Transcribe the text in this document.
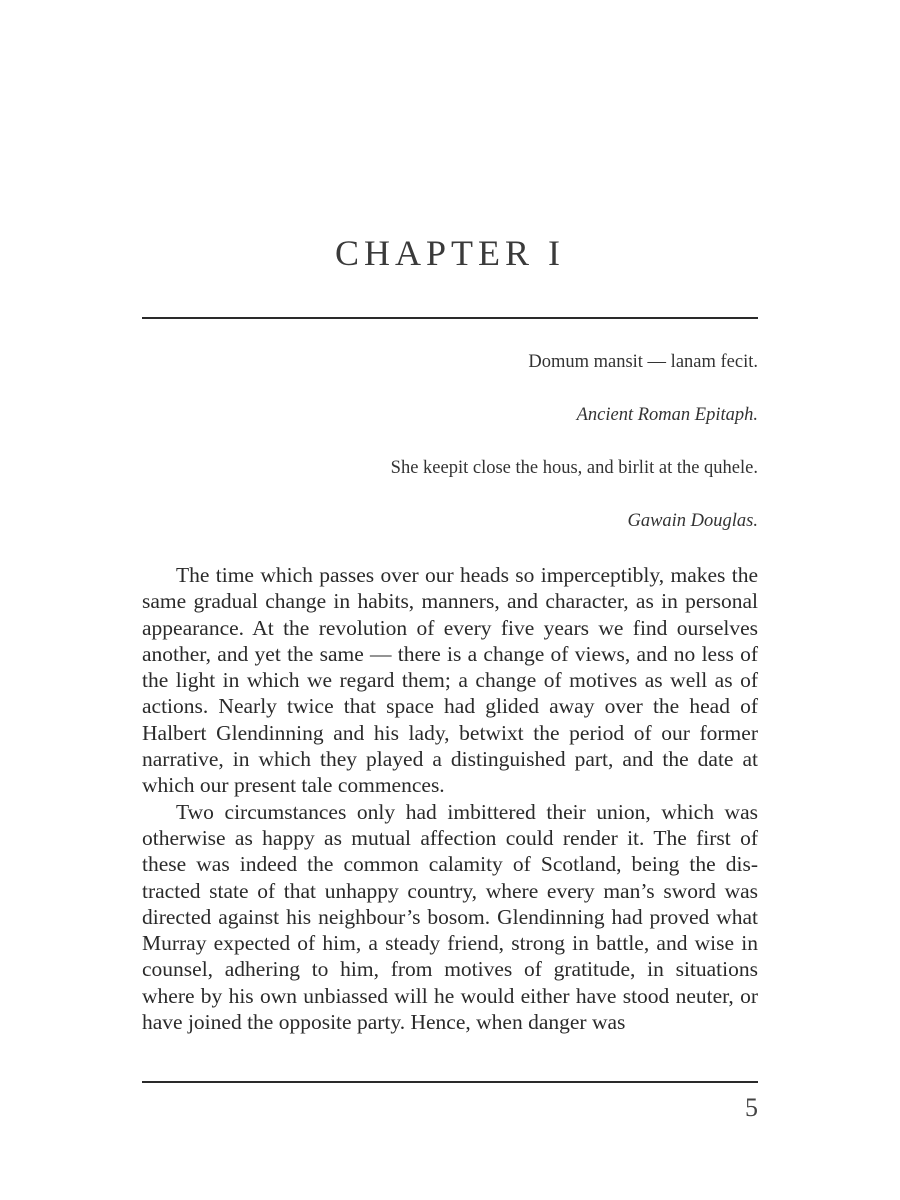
CHAPTER I

Domum mansit — lanam fecit.

Ancient Roman Epitaph.

She keepit close the hous, and birlit at the quhele.

Gawain Douglas.

The time which passes over our heads so imperceptibly, makes the same gradual change in habits, manners, and character, as in personal appearance. At the revolution of every five years we find ourselves another, and yet the same — there is a change of views, and no less of the light in which we regard them; a change of motives as well as of actions. Nearly twice that space had glided away over the head of Halbert Glendinning and his lady, betwixt the period of our former narrative, in which they played a distinguished part, and the date at which our present tale commences.

Two circumstances only had imbittered their union, which was otherwise as happy as mutual affection could render it. The first of these was indeed the common calamity of Scotland, being the distracted state of that unhappy country, where every man’s sword was directed against his neighbour’s bosom. Glendinning had proved what Murray expected of him, a steady friend, strong in battle, and wise in counsel, adhering to him, from motives of gratitude, in situations where by his own unbiassed will he would either have stood neuter, or have joined the opposite party. Hence, when danger was

5
